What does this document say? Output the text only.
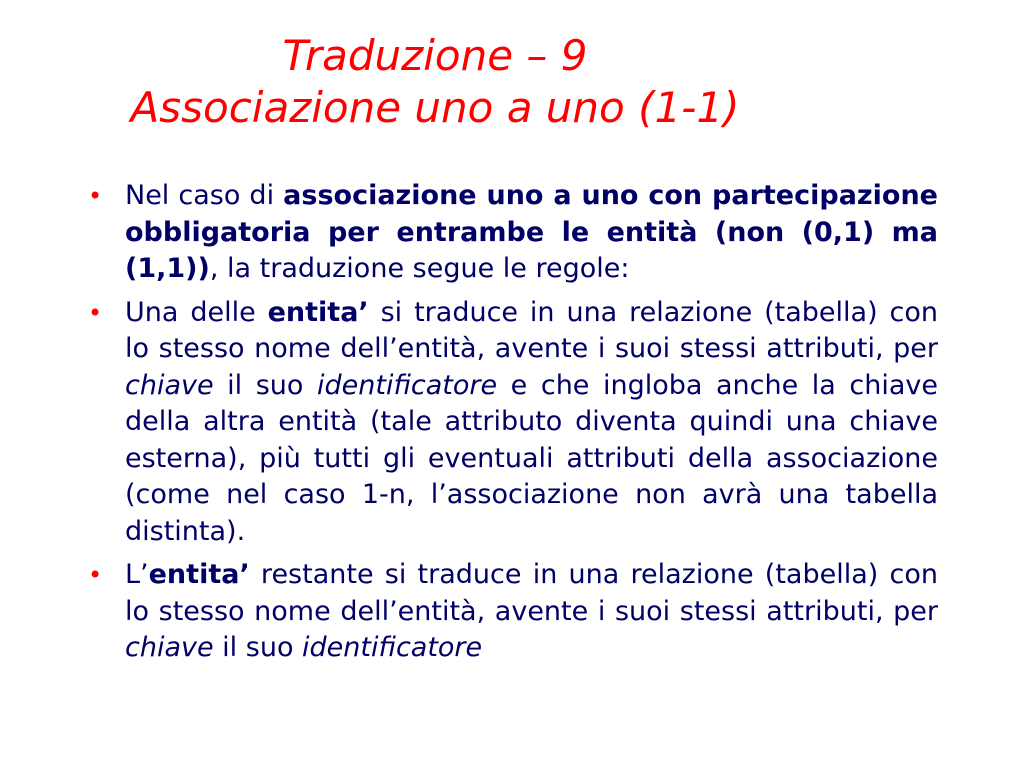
Traduzione – 9
Associazione uno a uno (1-1)
• Nel caso di associazione uno a uno con partecipazione obbligatoria per entrambe le entità (non (0,1) ma (1,1)), la traduzione segue le regole:
• Una delle entita’ si traduce in una relazione (tabella) con lo stesso nome dell’entità, avente i suoi stessi attributi, per chiave il suo identificatore e che ingloba anche la chiave della altra entità (tale attributo diventa quindi una chiave esterna), più tutti gli eventuali attributi della associazione (come nel caso 1-n, l’associazione non avrà una tabella distinta).
• L’entita’ restante si traduce in una relazione (tabella) con lo stesso nome dell’entità, avente i suoi stessi attributi, per chiave il suo identificatore
